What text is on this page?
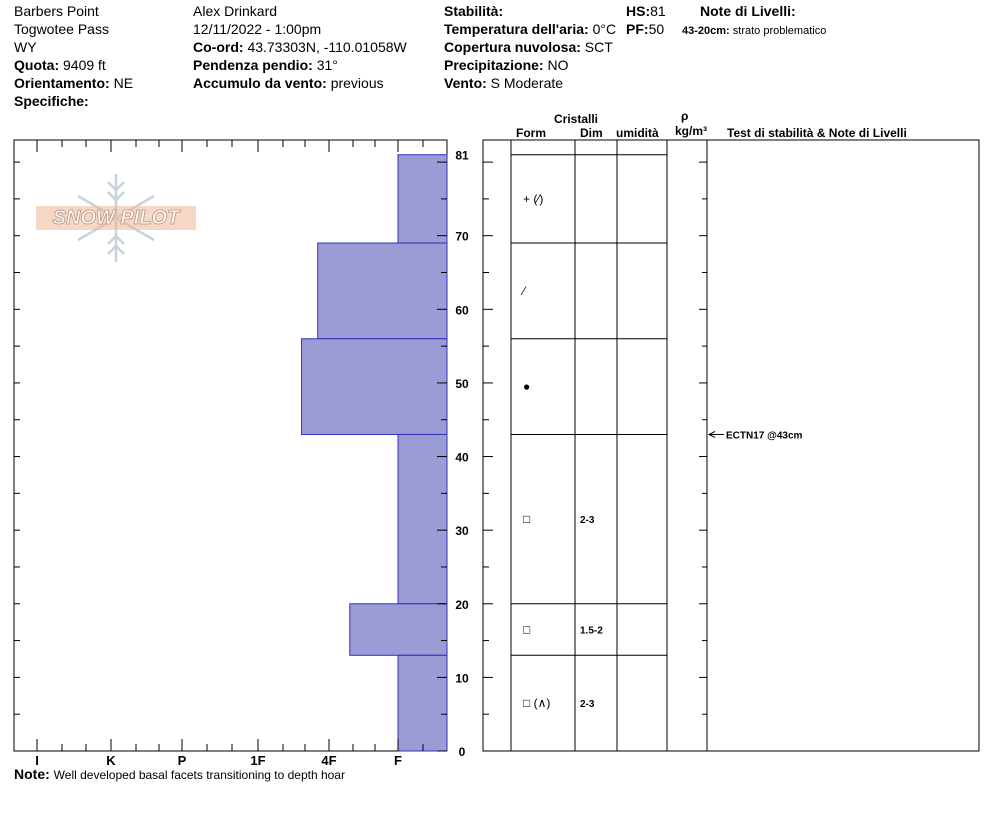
Barbers Point
Togwotee Pass
WY
Quota: 9409 ft
Orientamento: NE
Specifiche:
Alex Drinkard
12/11/2022 - 1:00pm
Co-ord: 43.73303N, -110.01058W
Pendenza pendio: 31°
Accumulo da vento: previous
Stabilità:
Temperatura dell'aria: 0°C
Copertura nuvolosa: SCT
Precipitazione: NO
Vento: S Moderate
HS:81
PF:50
Note di Livelli:
43-20cm: strato problematico
Cristalli
Form	Dim umidità
ρ
kg/m³ Test di stabilità & Note di Livelli
SNOW PILOT
I	K	P	1F	4F	F
0
10
20
30
40
50
60
70
81
+ (⁄)
⁄
●
□	2-3
□	1.5-2
□ (∧)	2-3
ECTN17 @43cm
Note: Well developed basal facets transitioning to depth hoar
